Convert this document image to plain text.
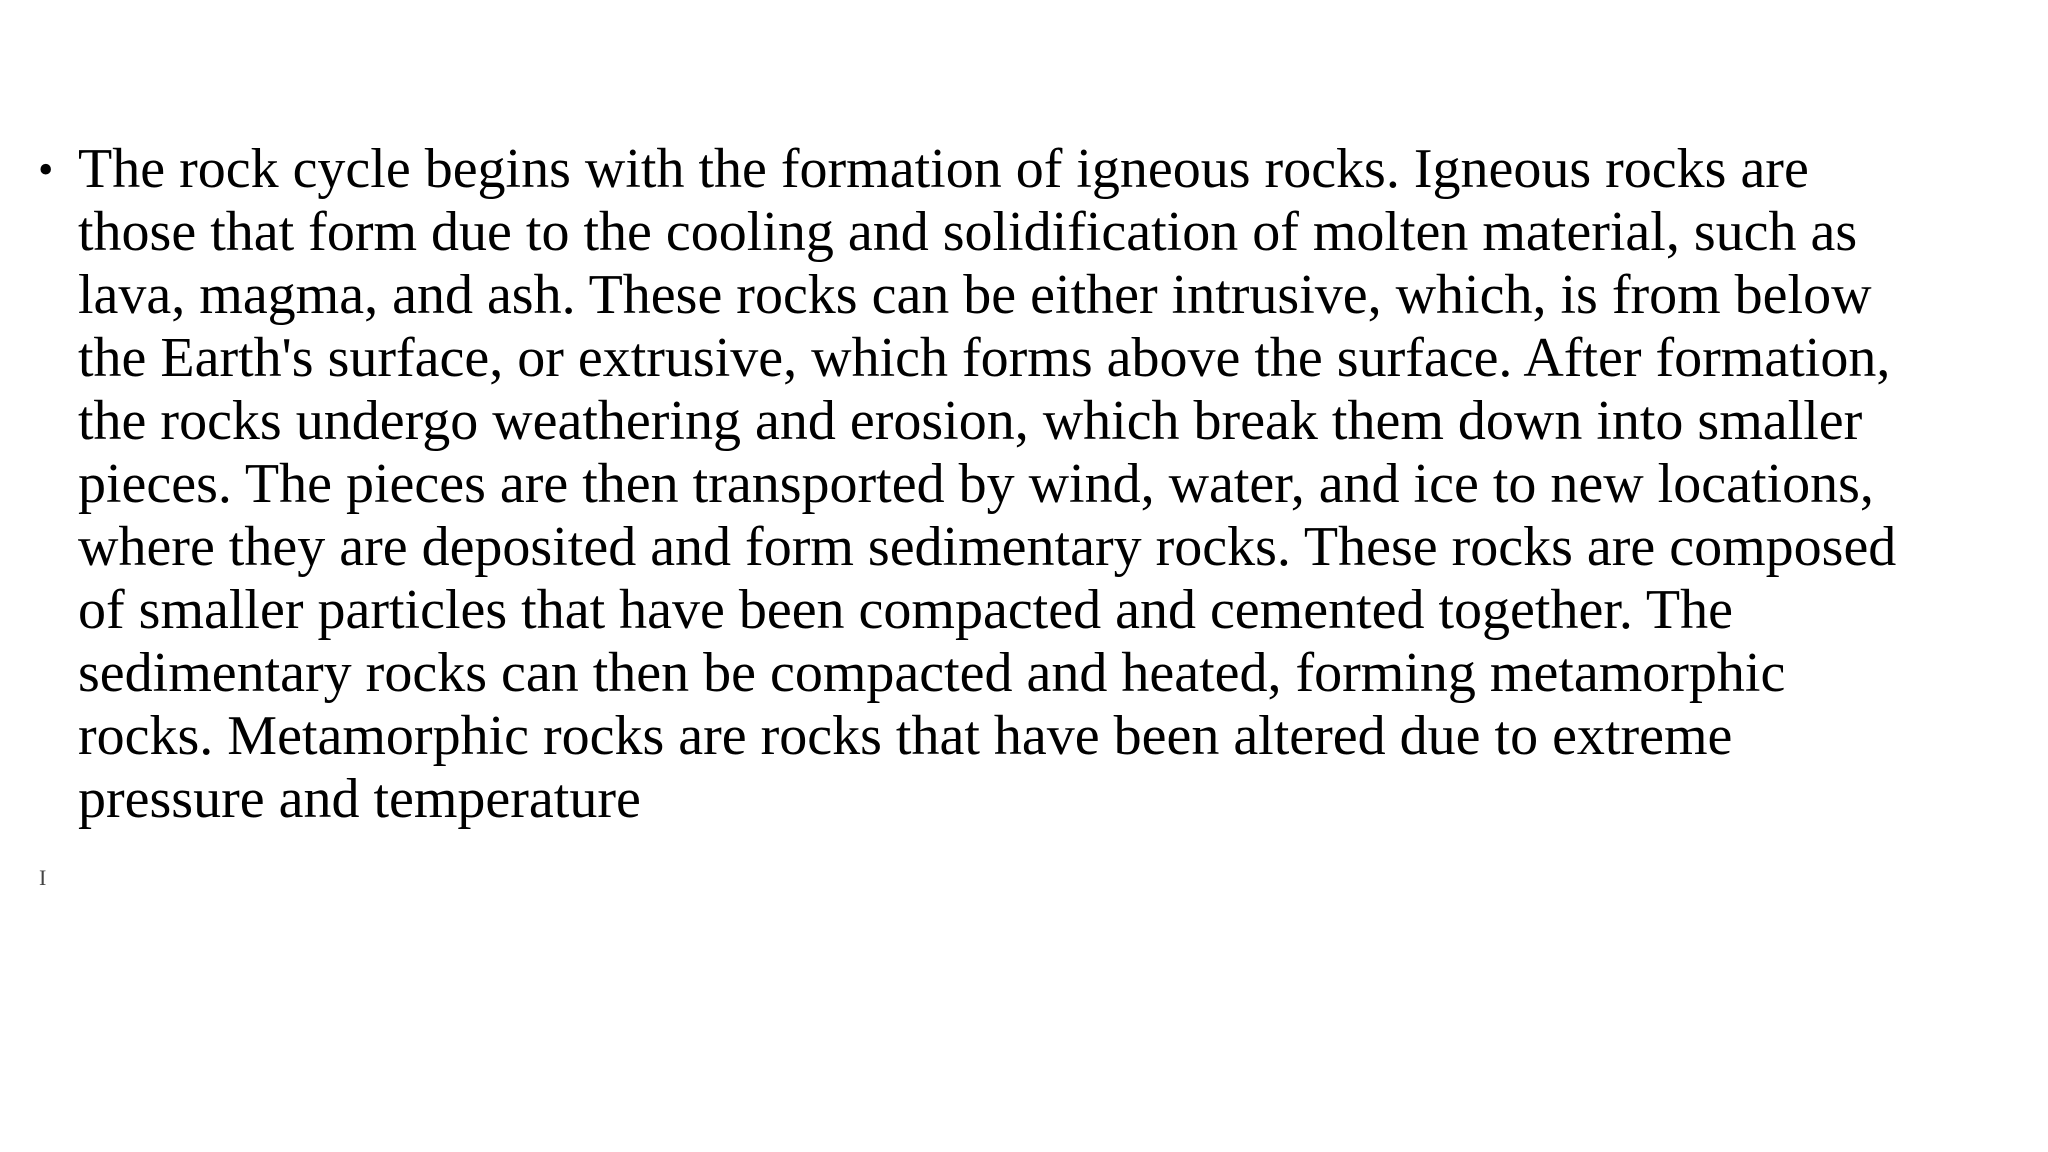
• The rock cycle begins with the formation of igneous rocks. Igneous rocks are those that form due to the cooling and solidification of molten material, such as lava, magma, and ash. These rocks can be either intrusive, which, is from below the Earth's surface, or extrusive, which forms above the surface. After formation, the rocks undergo weathering and erosion, which break them down into smaller pieces. The pieces are then transported by wind, water, and ice to new locations, where they are deposited and form sedimentary rocks. These rocks are composed of smaller particles that have been compacted and cemented together. The sedimentary rocks can then be compacted and heated, forming metamorphic rocks. Metamorphic rocks are rocks that have been altered due to extreme pressure and temperature
I
